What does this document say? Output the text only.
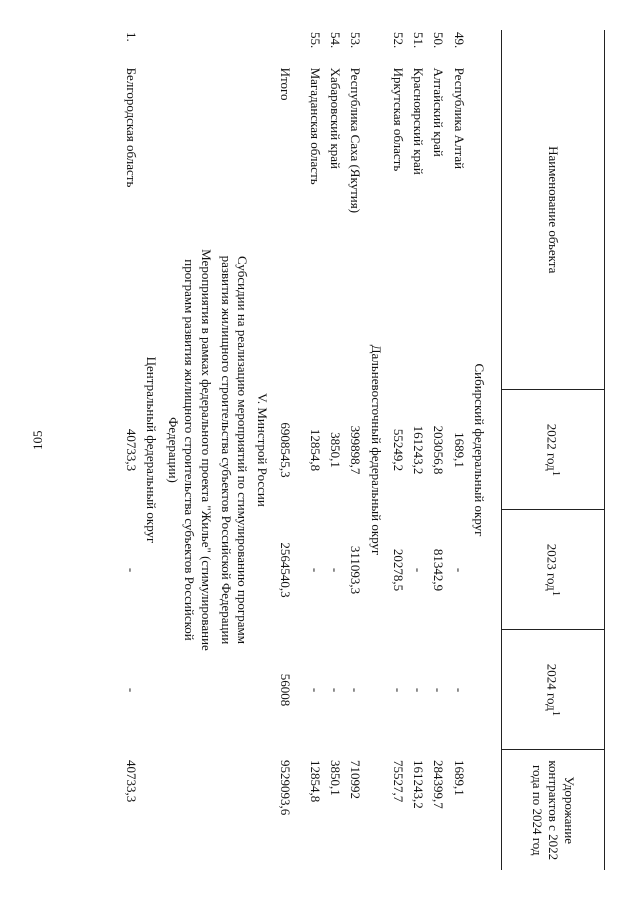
105
Наименование объекта		2022 год$^1$	2023 год$^1$	2024 год$^1$	Удорожание контрактов с 2022 года по 2024 год

Сибирский федеральный округ					
49.	Республика Алтай	1689,1	-	-	1689,1
50.	Алтайский край	203056,8	81342,9	-	284399,7
51.	Красноярский край	161243,2	-	-	161243,2
52.	Иркутская область	55249,2	20278,5	-	75527,7
Дальневосточный федеральный округ					
53.	Республика Саха (Якутия)	399898,7	311093,3	-	710992
54.	Хабаровский край	3850,1	-	-	3850,1
55.	Магаданская область	12854,8	-	-	12854,8

	Итого	6908545,3	2564540,3	56008	9529093,6
V. Минстрой России					
Субсидии на реализацию мероприятий по стимулированию программ развития жилищного строительства субъектов Российской Федерации					
Мероприятия в рамках федерального проекта "Жилье" (стимулирование программ развития жилищного строительства субъектов Российской Федерации)					
Центральный федеральный округ					
1.	Белгородская область	40733,3	-	-	40733,3
